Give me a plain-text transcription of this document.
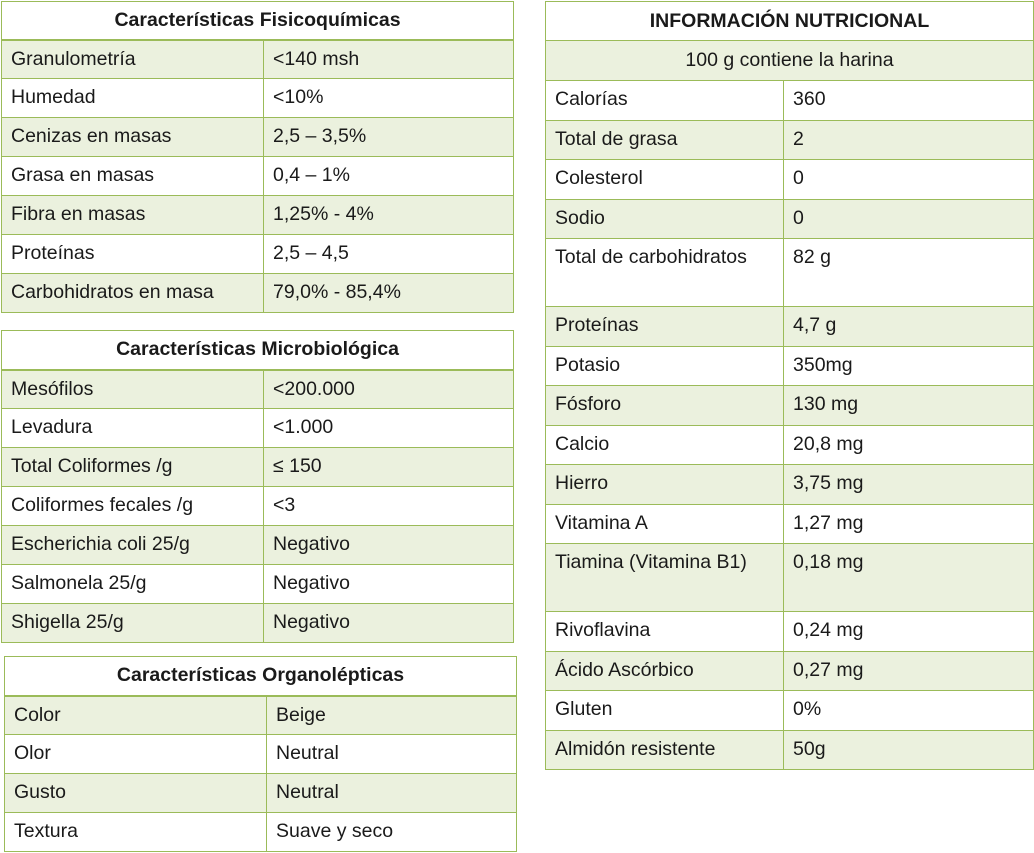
Características Fisicoquímicas	
Granulometría	<140 msh
Humedad	<10%
Cenizas en masas	2,5 – 3,5%
Grasa en masas	0,4 – 1%
Fibra en masas	1,25% - 4%
Proteínas	2,5 – 4,5
Carbohidratos en masa	79,0% - 85,4%
Características Microbiológica	
Mesófilos	<200.000
Levadura	<1.000
Total Coliformes /g	≤ 150
Coliformes fecales /g	<3
Escherichia coli 25/g	Negativo
Salmonela 25/g	Negativo
Shigella 25/g	Negativo
Características Organolépticas	
Color	Beige
Olor	Neutral
Gusto	Neutral
Textura	Suave y seco
INFORMACIÓN NUTRICIONAL	
100 g contiene la harina	
Calorías	360
Total de grasa	2
Colesterol	0
Sodio	0
Total de carbohidratos	82 g
Proteínas	4,7 g
Potasio	350mg
Fósforo	130 mg
Calcio	20,8 mg
Hierro	3,75 mg
Vitamina A	1,27 mg
Tiamina (Vitamina B1)	0,18 mg
Rivoflavina	0,24 mg
Ácido Ascórbico	0,27 mg
Gluten	0%
Almidón resistente	50g
